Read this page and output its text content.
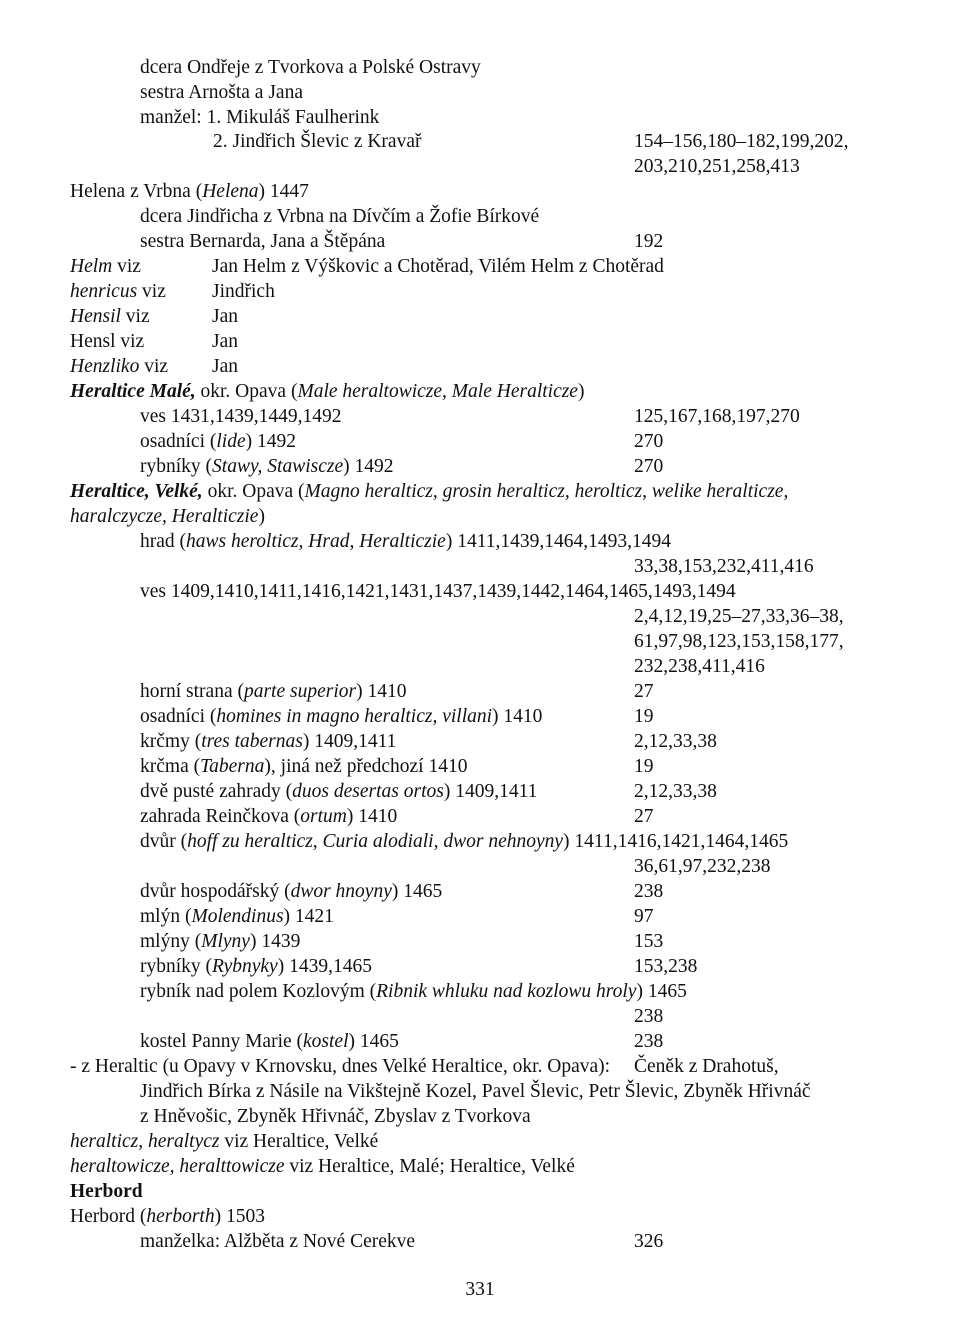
dcera Ondřeje z Tvorkova a Polské Ostravy
sestra Arnošta a Jana
manžel: 1. Mikuláš Faulherink
2. Jindřich Šlevic z Kravař	154–156,180–182,199,202,
203,210,251,258,413
Helena z Vrbna (Helena) 1447
dcera Jindřicha z Vrbna na Dívčím a Žofie Bírkové
sestra Bernarda, Jana a Štěpána	192
Helm viz	Jan Helm z Výškovic a Chotěrad, Vilém Helm z Chotěrad
henricus viz Jindřich
Hensil viz	Jan
Hensl viz	Jan
Henzliko viz Jan
Heraltice Malé, okr. Opava (Male heraltowicze, Male Heralticze)
ves 1431,1439,1449,1492	125,167,168,197,270
osadníci (lide) 1492	270
rybníky (Stawy, Stawiscze) 1492	270
Heraltice, Velké, okr. Opava (Magno heralticz, grosin heralticz, herolticz, welike heralticze,
haralczycze, Heralticzie)
hrad (haws herolticz, Hrad, Heralticzie) 1411,1439,1464,1493,1494
33,38,153,232,411,416
ves 1409,1410,1411,1416,1421,1431,1437,1439,1442,1464,1465,1493,1494
2,4,12,19,25–27,33,36–38,
61,97,98,123,153,158,177,
232,238,411,416
horní strana (parte superior) 1410	27
osadníci (homines in magno heralticz, villani) 1410	19
krčmy (tres tabernas) 1409,1411	2,12,33,38
krčma (Taberna), jiná než předchozí 1410	19
dvě pusté zahrady (duos desertas ortos) 1409,1411	2,12,33,38
zahrada Reinčkova (ortum) 1410	27
dvůr (hoff zu heralticz, Curia alodiali, dwor nehnoyny) 1411,1416,1421,1464,1465
36,61,97,232,238
dvůr hospodářský (dwor hnoyny) 1465	238
mlýn (Molendinus) 1421	97
mlýny (Mlyny) 1439	153
rybníky (Rybnyky) 1439,1465	153,238
rybník nad polem Kozlovým (Ribnik whluku nad kozlowu hroly) 1465
238
kostel Panny Marie (kostel) 1465	238
- z Heraltic (u Opavy v Krnovsku, dnes Velké Heraltice, okr. Opava): Čeněk z Drahotuš,
Jindřich Bírka z Násile na Vikštejně Kozel, Pavel Šlevic, Petr Šlevic, Zbyněk Hřivnáč
z Hněvošic, Zbyněk Hřivnáč, Zbyslav z Tvorkova
heralticz, heraltycz viz Heraltice, Velké
heraltowicze, heralttowicze viz Heraltice, Malé; Heraltice, Velké
Herbord
Herbord (herborth) 1503
manželka: Alžběta z Nové Cerekve	326
331
